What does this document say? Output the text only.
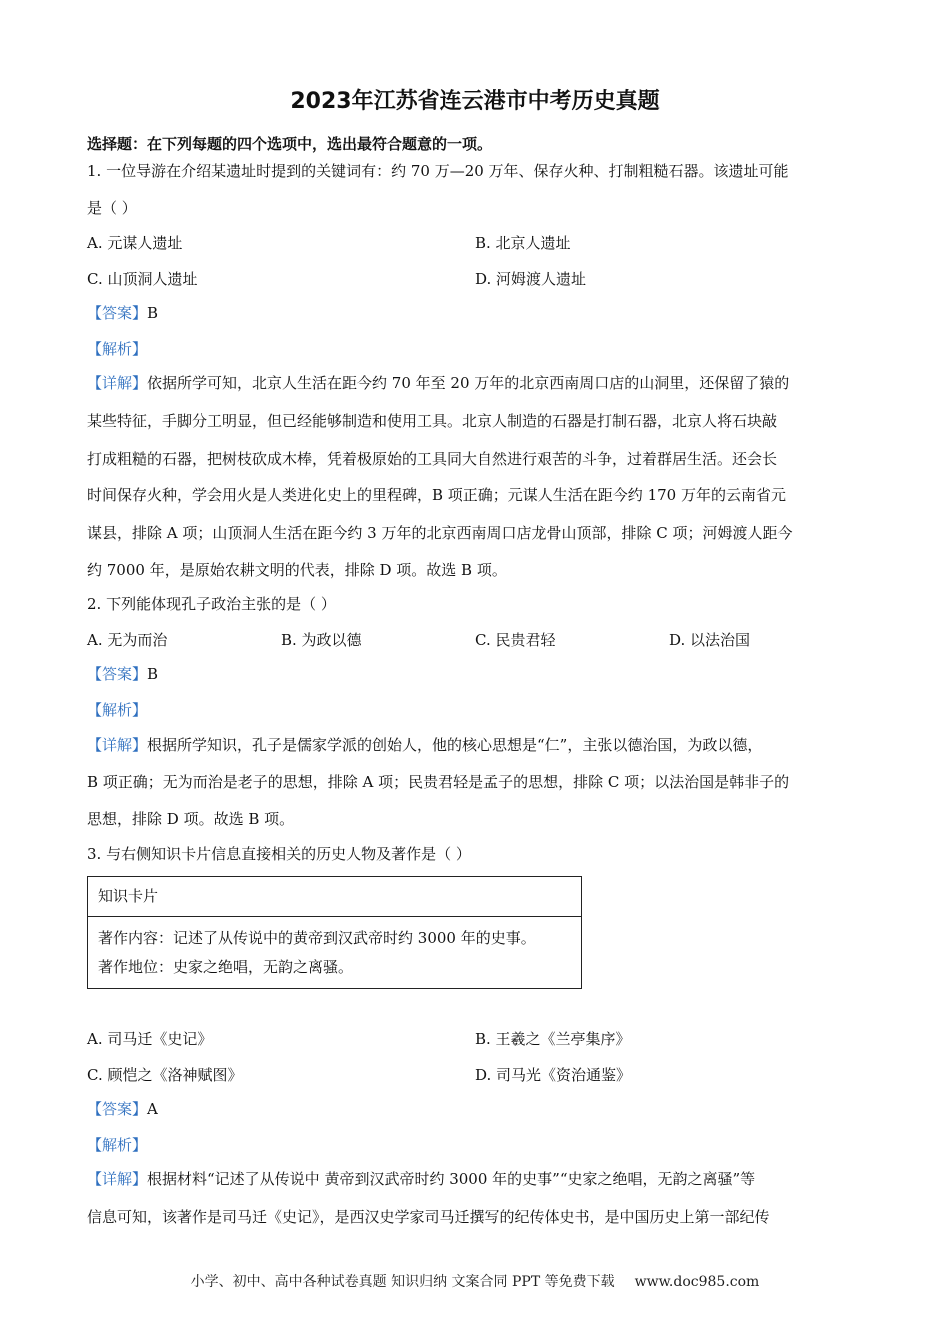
2023年江苏省连云港市中考历史真题
选择题：在下列每题的四个选项中，选出最符合题意的一项。
1. 一位导游在介绍某遗址时提到的关键词有：约 70 万—20 万年、保存火种、打制粗糙石器。该遗址可能
是（ ）
A. 元谋人遗址	B. 北京人遗址
C. 山顶洞人遗址	D. 河姆渡人遗址
【答案】B
【解析】
【详解】依据所学可知，北京人生活在距今约 70 年至 20 万年的北京西南周口店的山洞里，还保留了猿的
某些特征，手脚分工明显，但已经能够制造和使用工具。北京人制造的石器是打制石器，北京人将石块敲
打成粗糙的石器，把树枝砍成木棒，凭着极原始的工具同大自然进行艰苦的斗争，过着群居生活。还会长
时间保存火种，学会用火是人类进化史上的里程碑，B 项正确；元谋人生活在距今约 170 万年的云南省元
谋县，排除 A 项；山顶洞人生活在距今约 3 万年的北京西南周口店龙骨山顶部，排除 C 项；河姆渡人距今
约 7000 年，是原始农耕文明的代表，排除 D 项。故选 B 项。
2. 下列能体现孔子政治主张的是（ ）
A. 无为而治	B. 为政以德	C. 民贵君轻	D. 以法治国
【答案】B
【解析】
【详解】根据所学知识，孔子是儒家学派的创始人，他的核心思想是“仁”，主张以德治国，为政以德，
B 项正确；无为而治是老子的思想，排除 A 项；民贵君轻是孟子的思想，排除 C 项；以法治国是韩非子的
思想，排除 D 项。故选 B 项。
3. 与右侧知识卡片信息直接相关的历史人物及著作是（ ）
知识卡片
著作内容：记述了从传说中的黄帝到汉武帝时约 3000 年的史事。
著作地位：史家之绝唱，无韵之离骚。
A. 司马迁《史记》	B. 王羲之《兰亭集序》
C. 顾恺之《洛神赋图》	D. 司马光《资治通鉴》
【答案】A
【解析】
【详解】根据材料“记述了从传说中 黄帝到汉武帝时约 3000 年的史事”“史家之绝唱，无韵之离骚”等
信息可知，该著作是司马迁《史记》，是西汉史学家司马迁撰写的纪传体史书，是中国历史上第一部纪传
小学、初中、高中各种试卷真题 知识归纳 文案合同 PPT 等免费下载 www.doc985.com
